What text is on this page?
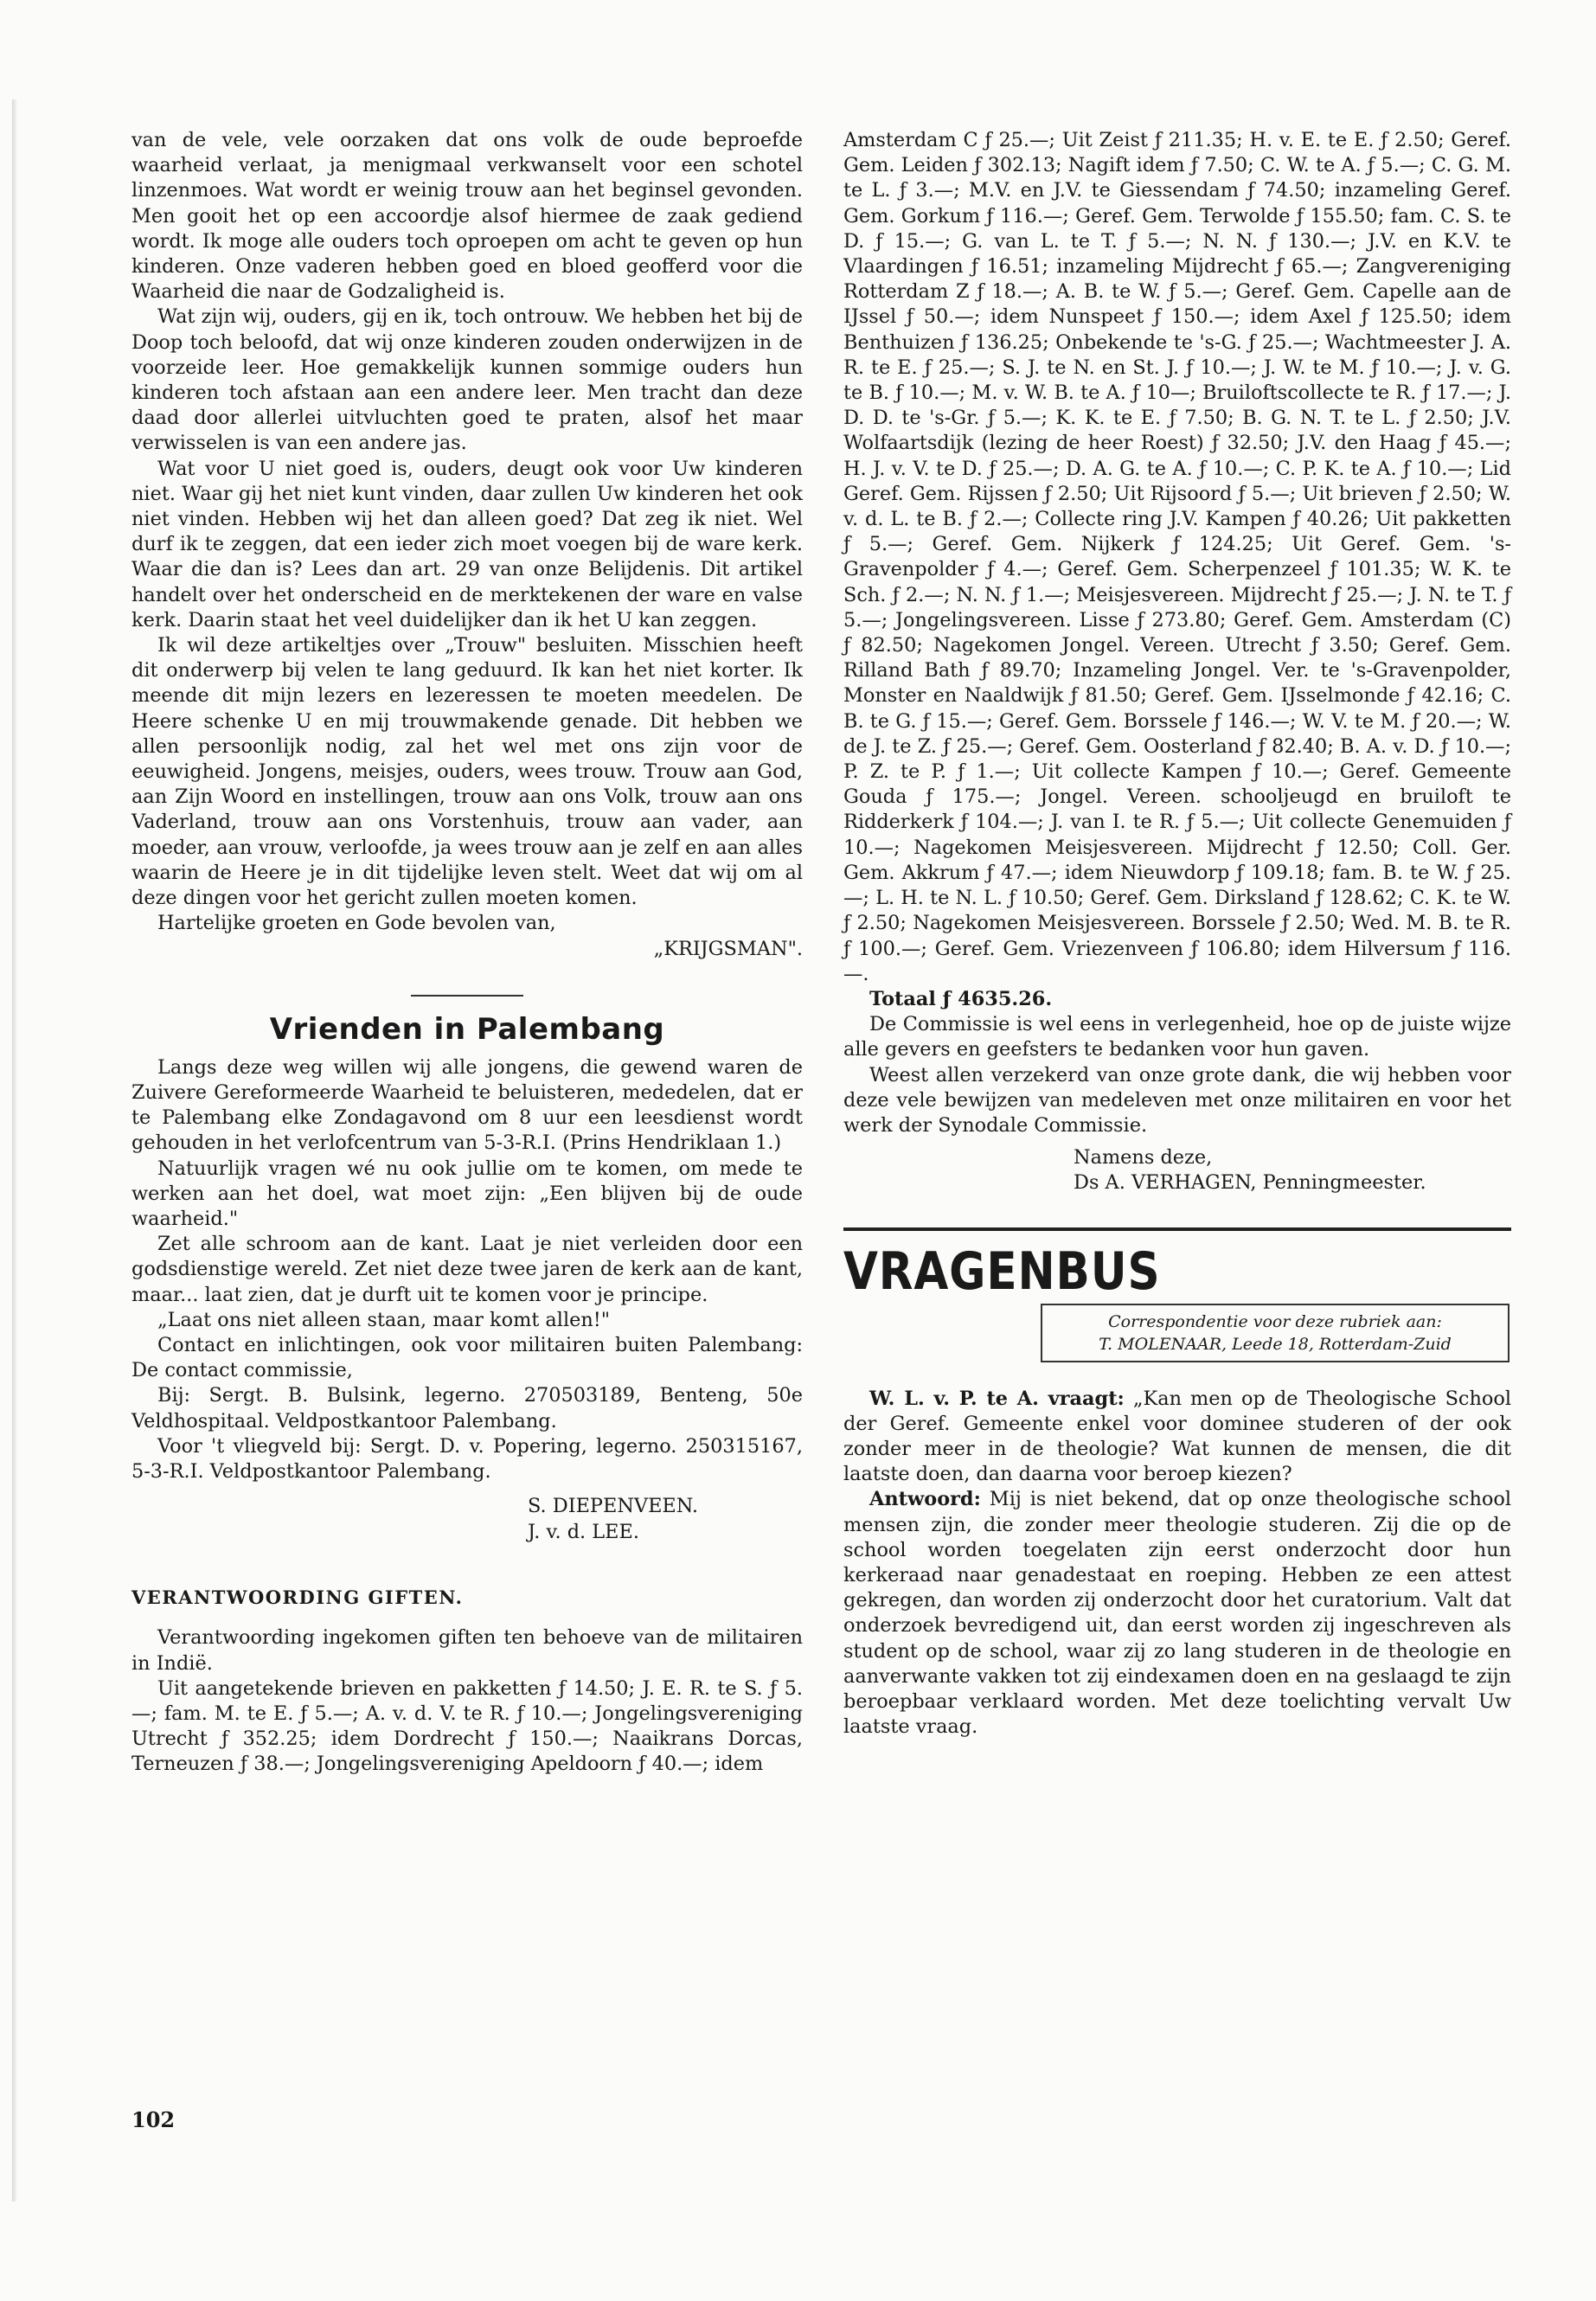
van de vele, vele oorzaken dat ons volk de oude beproefde waarheid verlaat, ja menigmaal verkwanselt voor een schotel linzenmoes. Wat wordt er weinig trouw aan het beginsel gevonden. Men gooit het op een accoordje alsof hiermee de zaak gediend wordt. Ik moge alle ouders toch oproepen om acht te geven op hun kinderen. Onze vaderen hebben goed en bloed geofferd voor die Waarheid die naar de Godzaligheid is.

Wat zijn wij, ouders, gij en ik, toch ontrouw. We hebben het bij de Doop toch beloofd, dat wij onze kinderen zouden onderwijzen in de voorzeide leer. Hoe gemakkelijk kunnen sommige ouders hun kinderen toch afstaan aan een andere leer. Men tracht dan deze daad door allerlei uitvluchten goed te praten, alsof het maar verwisselen is van een andere jas.

Wat voor U niet goed is, ouders, deugt ook voor Uw kinderen niet. Waar gij het niet kunt vinden, daar zullen Uw kinderen het ook niet vinden. Hebben wij het dan alleen goed? Dat zeg ik niet. Wel durf ik te zeggen, dat een ieder zich moet voegen bij de ware kerk. Waar die dan is? Lees dan art. 29 van onze Belijdenis. Dit artikel handelt over het onderscheid en de merktekenen der ware en valse kerk. Daarin staat het veel duidelijker dan ik het U kan zeggen.

Ik wil deze artikeltjes over „Trouw" besluiten. Misschien heeft dit onderwerp bij velen te lang geduurd. Ik kan het niet korter. Ik meende dit mijn lezers en lezeressen te moeten meedelen. De Heere schenke U en mij trouwmakende genade. Dit hebben we allen persoonlijk nodig, zal het wel met ons zijn voor de eeuwigheid. Jongens, meisjes, ouders, wees trouw. Trouw aan God, aan Zijn Woord en instellingen, trouw aan ons Volk, trouw aan ons Vaderland, trouw aan ons Vorstenhuis, trouw aan vader, aan moeder, aan vrouw, verloofde, ja wees trouw aan je zelf en aan alles waarin de Heere je in dit tijdelijke leven stelt. Weet dat wij om al deze dingen voor het gericht zullen moeten komen.

Hartelijke groeten en Gode bevolen van,

„KRIJGSMAN".

Vrienden in Palembang

Langs deze weg willen wij alle jongens, die gewend waren de Zuivere Gereformeerde Waarheid te beluisteren, mededelen, dat er te Palembang elke Zondagavond om 8 uur een leesdienst wordt gehouden in het verlofcentrum van 5-3-R.I. (Prins Hendriklaan 1.)

Natuurlijk vragen wé nu ook jullie om te komen, om mede te werken aan het doel, wat moet zijn: „Een blijven bij de oude waarheid."

Zet alle schroom aan de kant. Laat je niet verleiden door een godsdienstige wereld. Zet niet deze twee jaren de kerk aan de kant, maar... laat zien, dat je durft uit te komen voor je principe.

„Laat ons niet alleen staan, maar komt allen!"

Contact en inlichtingen, ook voor militairen buiten Palembang: De contact commissie,

Bij: Sergt. B. Bulsink, legerno. 270503189, Benteng, 50e Veldhospitaal. Veldpostkantoor Palembang.

Voor 't vliegveld bij: Sergt. D. v. Popering, legerno. 250315167, 5-3-R.I. Veldpostkantoor Palembang.

S. DIEPENVEEN.
J. v. d. LEE.
VERANTWOORDING GIFTEN.

Verantwoording ingekomen giften ten behoeve van de militairen in Indië.

Uit aangetekende brieven en pakketten ƒ 14.50; J. E. R. te S. ƒ 5.—; fam. M. te E. ƒ 5.—; A. v. d. V. te R. ƒ 10.—; Jongelingsvereniging Utrecht ƒ 352.25; idem Dordrecht ƒ 150.—; Naaikrans Dorcas, Terneuzen ƒ 38.—; Jongelingsvereniging Apeldoorn ƒ 40.—; idem

102

Amsterdam C ƒ 25.—; Uit Zeist ƒ 211.35; H. v. E. te E. ƒ 2.50; Geref. Gem. Leiden ƒ 302.13; Nagift idem ƒ 7.50; C. W. te A. ƒ 5.—; C. G. M. te L. ƒ 3.—; M.V. en J.V. te Giessendam ƒ 74.50; inzameling Geref. Gem. Gorkum ƒ 116.—; Geref. Gem. Terwolde ƒ 155.50; fam. C. S. te D. ƒ 15.—; G. van L. te T. ƒ 5.—; N. N. ƒ 130.—; J.V. en K.V. te Vlaardingen ƒ 16.51; inzameling Mijdrecht ƒ 65.—; Zangvereniging Rotterdam Z ƒ 18.—; A. B. te W. ƒ 5.—; Geref. Gem. Capelle aan de IJssel ƒ 50.—; idem Nunspeet ƒ 150.—; idem Axel ƒ 125.50; idem Benthuizen ƒ 136.25; Onbekende te 's-G. ƒ 25.—; Wachtmeester J. A. R. te E. ƒ 25.—; S. J. te N. en St. J. ƒ 10.—; J. W. te M. ƒ 10.—; J. v. G. te B. ƒ 10.—; M. v. W. B. te A. ƒ 10—; Bruiloftscollecte te R. ƒ 17.—; J. D. D. te 's-Gr. ƒ 5.—; K. K. te E. ƒ 7.50; B. G. N. T. te L. ƒ 2.50; J.V. Wolfaartsdijk (lezing de heer Roest) ƒ 32.50; J.V. den Haag ƒ 45.—; H. J. v. V. te D. ƒ 25.—; D. A. G. te A. ƒ 10.—; C. P. K. te A. ƒ 10.—; Lid Geref. Gem. Rijssen ƒ 2.50; Uit Rijsoord ƒ 5.—; Uit brieven ƒ 2.50; W. v. d. L. te B. ƒ 2.—; Collecte ring J.V. Kampen ƒ 40.26; Uit pakketten ƒ 5.—; Geref. Gem. Nijkerk ƒ 124.25; Uit Geref. Gem. 's-Gravenpolder ƒ 4.—; Geref. Gem. Scherpenzeel ƒ 101.35; W. K. te Sch. ƒ 2.—; N. N. ƒ 1.—; Meisjesvereen. Mijdrecht ƒ 25.—; J. N. te T. ƒ 5.—; Jongelingsvereen. Lisse ƒ 273.80; Geref. Gem. Amsterdam (C) ƒ 82.50; Nagekomen Jongel. Vereen. Utrecht ƒ 3.50; Geref. Gem. Rilland Bath ƒ 89.70; Inzameling Jongel. Ver. te 's-Gravenpolder, Monster en Naaldwijk ƒ 81.50; Geref. Gem. IJsselmonde ƒ 42.16; C. B. te G. ƒ 15.—; Geref. Gem. Borssele ƒ 146.—; W. V. te M. ƒ 20.—; W. de J. te Z. ƒ 25.—; Geref. Gem. Oosterland ƒ 82.40; B. A. v. D. ƒ 10.—; P. Z. te P. ƒ 1.—; Uit collecte Kampen ƒ 10.—; Geref. Gemeente Gouda ƒ 175.—; Jongel. Vereen. schooljeugd en bruiloft te Ridderkerk ƒ 104.—; J. van I. te R. ƒ 5.—; Uit collecte Genemuiden ƒ 10.—; Nagekomen Meisjesvereen. Mijdrecht ƒ 12.50; Coll. Ger. Gem. Akkrum ƒ 47.—; idem Nieuwdorp ƒ 109.18; fam. B. te W. ƒ 25.—; L. H. te N. L. ƒ 10.50; Geref. Gem. Dirksland ƒ 128.62; C. K. te W. ƒ 2.50; Nagekomen Meisjesvereen. Borssele ƒ 2.50; Wed. M. B. te R. ƒ 100.—; Geref. Gem. Vriezenveen ƒ 106.80; idem Hilversum ƒ 116.—.

Totaal ƒ 4635.26.

De Commissie is wel eens in verlegenheid, hoe op de juiste wijze alle gevers en geefsters te bedanken voor hun gaven.

Weest allen verzekerd van onze grote dank, die wij hebben voor deze vele bewijzen van medeleven met onze militairen en voor het werk der Synodale Commissie.

Namens deze,

Ds A. VERHAGEN, Penningmeester.

VRAGENBUS
Correspondentie voor deze rubriek aan:
T. MOLENAAR, Leede 18, Rotterdam-Zuid

W. L. v. P. te A. vraagt: „Kan men op de Theologische School der Geref. Gemeente enkel voor dominee studeren of der ook zonder meer in de theologie? Wat kunnen de mensen, die dit laatste doen, dan daarna voor beroep kiezen?

Antwoord: Mij is niet bekend, dat op onze theologische school mensen zijn, die zonder meer theologie studeren. Zij die op de school worden toegelaten zijn eerst onderzocht door hun kerkeraad naar genadestaat en roeping. Hebben ze een attest gekregen, dan worden zij onderzocht door het curatorium. Valt dat onderzoek bevredigend uit, dan eerst worden zij ingeschreven als student op de school, waar zij zo lang studeren in de theologie en aanverwante vakken tot zij eindexamen doen en na geslaagd te zijn beroepbaar verklaard worden. Met deze toelichting vervalt Uw laatste vraag.
